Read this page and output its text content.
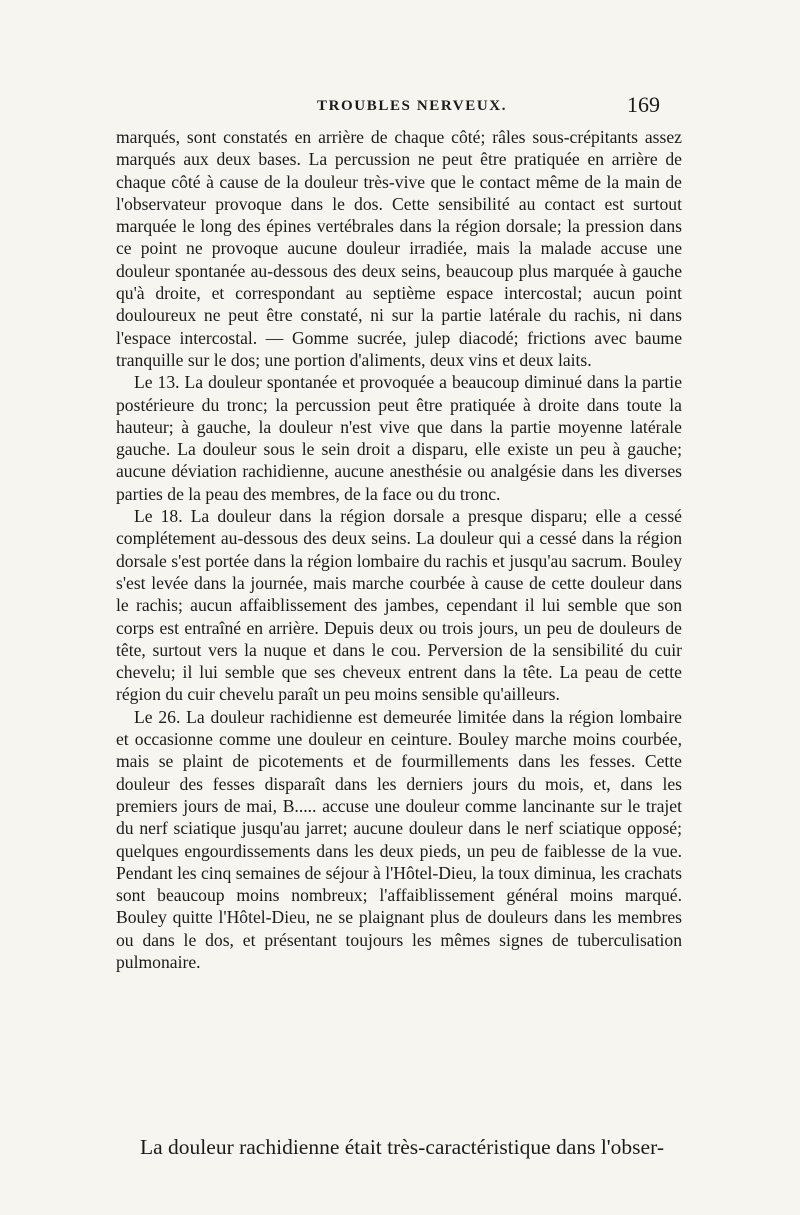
TROUBLES NERVEUX.	169

marqués, sont constatés en arrière de chaque côté; râles sous-crépitants assez marqués aux deux bases. La percussion ne peut être pratiquée en arrière de chaque côté à cause de la douleur très-vive que le contact même de la main de l'observateur provoque dans le dos. Cette sensibilité au contact est surtout marquée le long des épines vertébrales dans la région dorsale; la pression dans ce point ne provoque aucune douleur irradiée, mais la malade accuse une douleur spontanée au-dessous des deux seins, beaucoup plus marquée à gauche qu'à droite, et correspondant au septième espace intercostal; aucun point douloureux ne peut être constaté, ni sur la partie latérale du rachis, ni dans l'espace intercostal. — Gomme sucrée, julep diacodé; frictions avec baume tranquille sur le dos; une portion d'aliments, deux vins et deux laits.

Le 13. La douleur spontanée et provoquée a beaucoup diminué dans la partie postérieure du tronc; la percussion peut être pratiquée à droite dans toute la hauteur; à gauche, la douleur n'est vive que dans la partie moyenne latérale gauche. La douleur sous le sein droit a disparu, elle existe un peu à gauche; aucune déviation rachidienne, aucune anesthésie ou analgésie dans les diverses parties de la peau des membres, de la face ou du tronc.

Le 18. La douleur dans la région dorsale a presque disparu; elle a cessé complétement au-dessous des deux seins. La douleur qui a cessé dans la région dorsale s'est portée dans la région lombaire du rachis et jusqu'au sacrum. Bouley s'est levée dans la journée, mais marche courbée à cause de cette douleur dans le rachis; aucun affaiblissement des jambes, cependant il lui semble que son corps est entraîné en arrière. Depuis deux ou trois jours, un peu de douleurs de tête, surtout vers la nuque et dans le cou. Perversion de la sensibilité du cuir chevelu; il lui semble que ses cheveux entrent dans la tête. La peau de cette région du cuir chevelu paraît un peu moins sensible qu'ailleurs.

Le 26. La douleur rachidienne est demeurée limitée dans la région lombaire et occasionne comme une douleur en ceinture. Bouley marche moins courbée, mais se plaint de picotements et de fourmillements dans les fesses. Cette douleur des fesses disparaît dans les derniers jours du mois, et, dans les premiers jours de mai, B..... accuse une douleur comme lancinante sur le trajet du nerf sciatique jusqu'au jarret; aucune douleur dans le nerf sciatique opposé; quelques engourdissements dans les deux pieds, un peu de faiblesse de la vue. Pendant les cinq semaines de séjour à l'Hôtel-Dieu, la toux diminua, les crachats sont beaucoup moins nombreux; l'affaiblissement général moins marqué. Bouley quitte l'Hôtel-Dieu, ne se plaignant plus de douleurs dans les membres ou dans le dos, et présentant toujours les mêmes signes de tuberculisation pulmonaire.

La douleur rachidienne était très-caractéristique dans l'obser-
